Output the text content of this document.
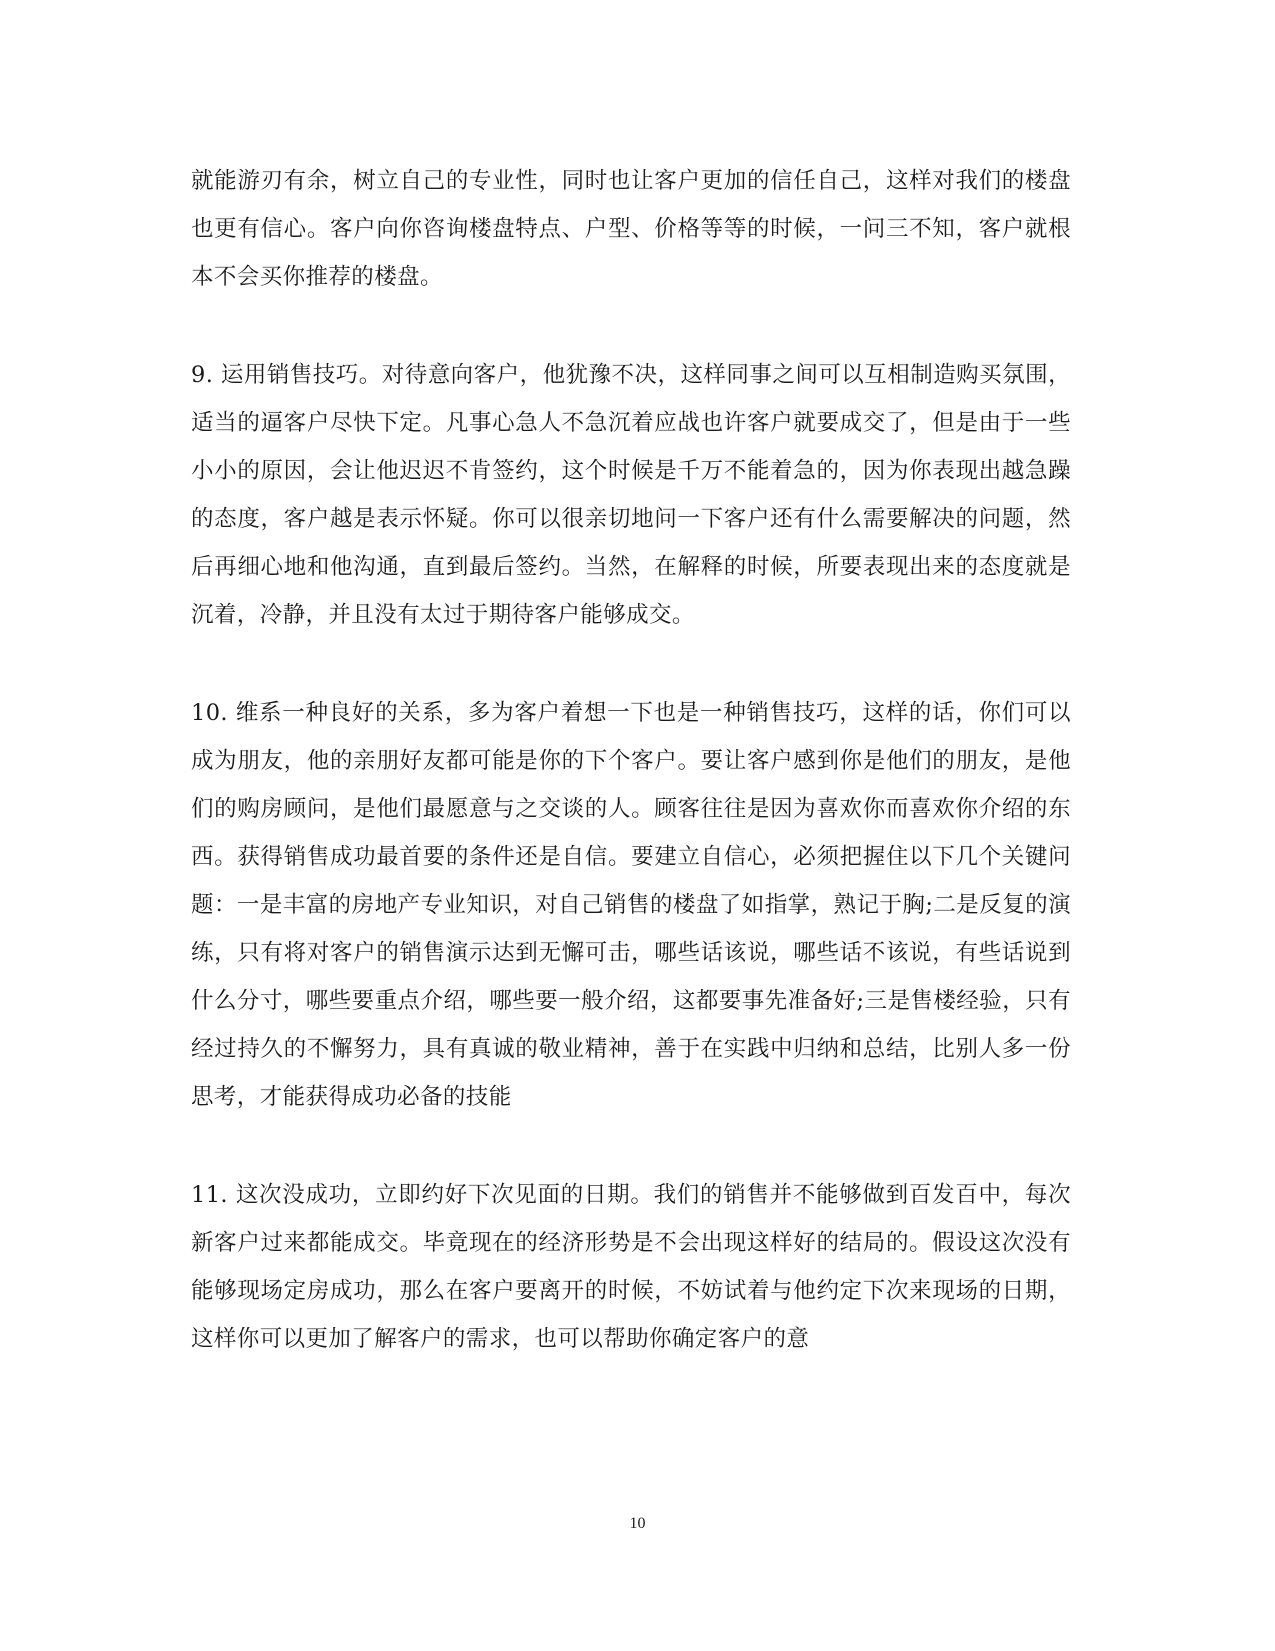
就能游刃有余，树立自己的专业性，同时也让客户更加的信任自己，这样对我们的楼盘也更有信心。客户向你咨询楼盘特点、户型、价格等等的时候，一问三不知，客户就根本不会买你推荐的楼盘。

9. 运用销售技巧。对待意向客户，他犹豫不决，这样同事之间可以互相制造购买氛围，适当的逼客户尽快下定。凡事心急人不急沉着应战也许客户就要成交了，但是由于一些小小的原因，会让他迟迟不肯签约，这个时候是千万不能着急的，因为你表现出越急躁的态度，客户越是表示怀疑。你可以很亲切地问一下客户还有什么需要解决的问题，然后再细心地和他沟通，直到最后签约。当然，在解释的时候，所要表现出来的态度就是沉着，冷静，并且没有太过于期待客户能够成交。

10. 维系一种良好的关系，多为客户着想一下也是一种销售技巧，这样的话，你们可以成为朋友，他的亲朋好友都可能是你的下个客户。要让客户感到你是他们的朋友，是他们的购房顾问，是他们最愿意与之交谈的人。顾客往往是因为喜欢你而喜欢你介绍的东西。获得销售成功最首要的条件还是自信。要建立自信心，必须把握住以下几个关键问题：一是丰富的房地产专业知识，对自己销售的楼盘了如指掌，熟记于胸;二是反复的演练，只有将对客户的销售演示达到无懈可击，哪些话该说，哪些话不该说，有些话说到什么分寸，哪些要重点介绍，哪些要一般介绍，这都要事先准备好;三是售楼经验，只有经过持久的不懈努力，具有真诚的敬业精神，善于在实践中归纳和总结，比别人多一份思考，才能获得成功必备的技能

11. 这次没成功，立即约好下次见面的日期。我们的销售并不能够做到百发百中，每次新客户过来都能成交。毕竟现在的经济形势是不会出现这样好的结局的。假设这次没有能够现场定房成功，那么在客户要离开的时候，不妨试着与他约定下次来现场的日期，这样你可以更加了解客户的需求，也可以帮助你确定客户的意

10
